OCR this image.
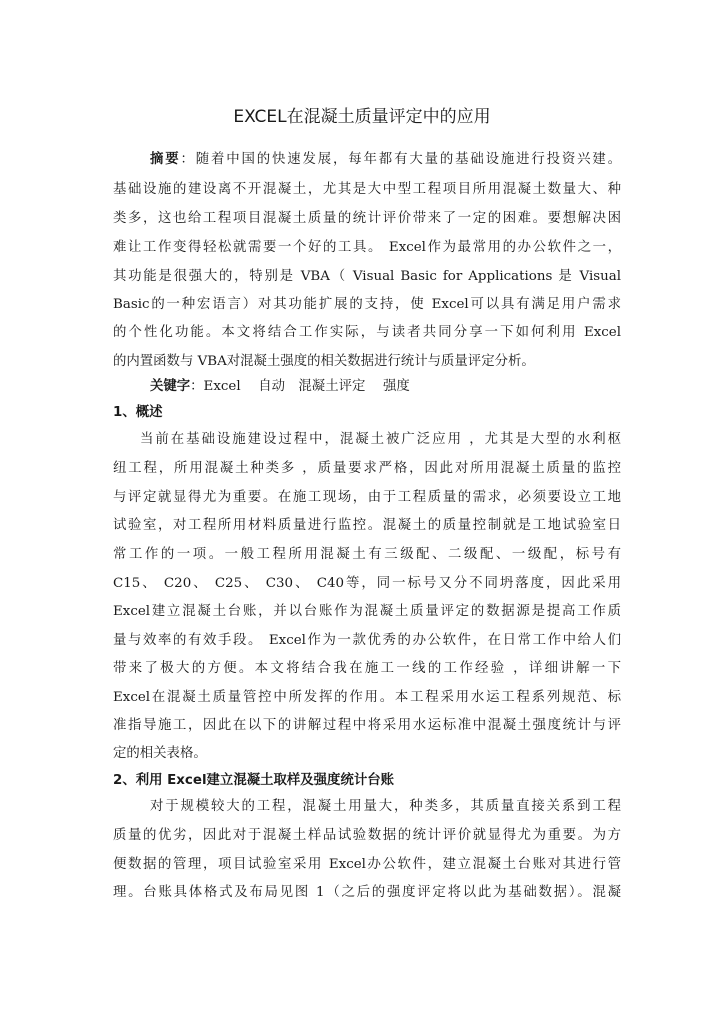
EXCEL在混凝土质量评定中的应用
摘要：随着中国的快速发展，每年都有大量的基础设施进行投资兴建。
基础设施的建设离不开混凝土，尤其是大中型工程项目所用混凝土数量大、种
类多，这也给工程项目混凝土质量的统计评价带来了一定的困难。要想解决困
难让工作变得轻松就需要一个好的工具。 Excel作为最常用的办公软件之一，
其功能是很强大的，特别是 VBA（ Visual Basic for Applications 是 Visual
Basic的一种宏语言）对其功能扩展的支持，使 Excel可以具有满足用户需求
的个性化功能。本文将结合工作实际，与读者共同分享一下如何利用 Excel
的内置函数与 VBA对混凝土强度的相关数据进行统计与质量评定分析。
关键字：Excel　 自动　混凝土评定　 强度
1、概述
当前在基础设施建设过程中，混凝土被广泛应用 ，尤其是大型的水利枢
纽工程，所用混凝土种类多 ，质量要求严格，因此对所用混凝土质量的监控
与评定就显得尤为重要。在施工现场，由于工程质量的需求，必须要设立工地
试验室，对工程所用材料质量进行监控。混凝土的质量控制就是工地试验室日
常工作的一项。一般工程所用混凝土有三级配、二级配、一级配，标号有
C15、 C20、 C25、 C30、 C40等，同一标号又分不同坍落度，因此采用
Excel建立混凝土台账，并以台账作为混凝土质量评定的数据源是提高工作质
量与效率的有效手段。 Excel作为一款优秀的办公软件，在日常工作中给人们
带来了极大的方便。本文将结合我在施工一线的工作经验 ，详细讲解一下
Excel在混凝土质量管控中所发挥的作用。本工程采用水运工程系列规范、标
准指导施工，因此在以下的讲解过程中将采用水运标准中混凝土强度统计与评
定的相关表格。
2、利用 Excel建立混凝土取样及强度统计台账
对于规模较大的工程，混凝土用量大，种类多，其质量直接关系到工程
质量的优劣，因此对于混凝土样品试验数据的统计评价就显得尤为重要。为方
便数据的管理，项目试验室采用 Excel办公软件，建立混凝土台账对其进行管
理。台账具体格式及布局见图 1（之后的强度评定将以此为基础数据）。混凝
